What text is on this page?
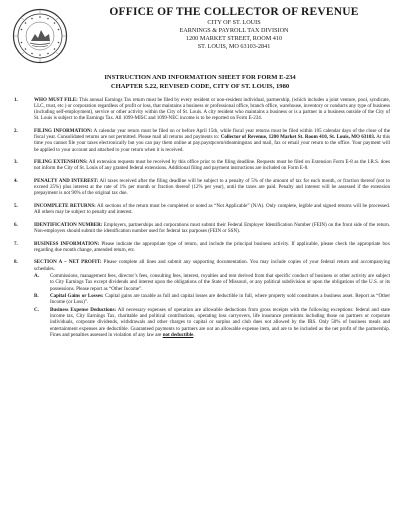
OFFICE OF THE COLLECTOR OF REVENUE
CITY OF ST. LOUIS
EARNINGS & PAYROLL TAX DIVISION
1200 MARKET STREET, ROOM 410
ST. LOUIS, MO 63103-2841
INSTRUCTION AND INFORMATION SHEET FOR FORM E-234
CHAPTER 5.22, REVISED CODE, CITY OF ST. LOUIS, 1980
1.	WHO MUST FILE: This annual Earnings Tax return must be filed by every resident or non-resident individual, partnership, (which includes a joint venture, pool, syndicate, LLC, trust, etc.) or corporation regardless of profit or loss, that maintains a business or professional office, branch office, warehouse, inventory or conducts any type of business (including self-employment), service or other activity within the City of St. Louis. A city resident who maintains a business or is a partner in a business outside of the City of St. Louis is subject to the Earnings Tax. All 1099-MISC and 1099-NEC income is to be reported on Form E-234.
2.	FILING INFORMATION: A calendar year return must be filed on or before April 15th, while fiscal year returns must be filed within 105 calendar days of the close of the fiscal year. Consolidated returns are not permitted. Please mail all returns and payments to: Collector of Revenue, 1200 Market St. Room 410, St. Louis, MO 63103. At this time you cannot file your taxes electronically but you can pay them online at pay.paystpcom/stleamingstax and mail, fax or email your return to the office. Your payment will be applied to your account and attached to your return when it is received.
3.	FILING EXTENSIONS: All extension requests must be received by this office prior to the filing deadline. Requests must be filed on Extension Form E-8 as the I.R.S. does not inform the City of St. Louis of any granted federal extensions. Additional filing and payment instructions are included on Form E-8.
4.	PENALTY AND INTEREST: All taxes received after the filing deadline will be subject to a penalty of 5% of the amount of tax for each month, or fraction thereof (not to exceed 25%) plus interest at the rate of 1% per month or fraction thereof (12% per year), until the taxes are paid. Penalty and interest will be assessed if the extension prepayment is not 90% of the original tax due.
5.	INCOMPLETE RETURNS: All sections of the return must be completed or noted as “Not Applicable” (N/A). Only complete, legible and signed returns will be processed. All others may be subject to penalty and interest.
6.	IDENTIFICATION NUMBER: Employers, partnerships and corporations must submit their Federal Employer Identification Number (FEIN) on the front side of the return. Non-employers should submit the identification number used for federal tax purposes (FEIN or SSN).
7.	BUSINESS INFORMATION: Please indicate the appropriate type of return, and include the principal business activity. If applicable, please check the appropriate box regarding due month change, amended return, etc.
8.	SECTION A – NET PROFIT: Please complete all lines and submit any supporting documentation. You may include copies of your federal return and accompanying schedules.
A. Commissions, management fees, director’s fees, consulting fees, interest, royalties and rent derived from that specific conduct of business or other activity are subject to City Earnings Tax except dividends and interest upon the obligations of the State of Missouri, or any political subdivision or upon the obligations of the U.S. or its possessions. Please report as “Other Income”.
B. Capital Gains or Losses: Capital gains are taxable as full and capital losses are deductible in full, where property sold constitutes a business asset. Report as “Other Income (or Loss)”.
C. Business Expense Deductions: All necessary expenses of operation are allowable deductions from gross receipts with the following exceptions: federal and state income tax, City Earnings Tax, charitable and political contributions, operating loss carryovers, life insurance premiums including those on partners or corporate individuals, corporate dividends, withdrawals and other charges to capital or surplus and club dues not allowed by the IRS. Only 50% of business meals and entertainment expenses are deductible. Guaranteed payments to partners are not an allowable expense item, and are to be included as the net profit of the partnership. Fines and penalties assessed in violation of any law are not deductible.
